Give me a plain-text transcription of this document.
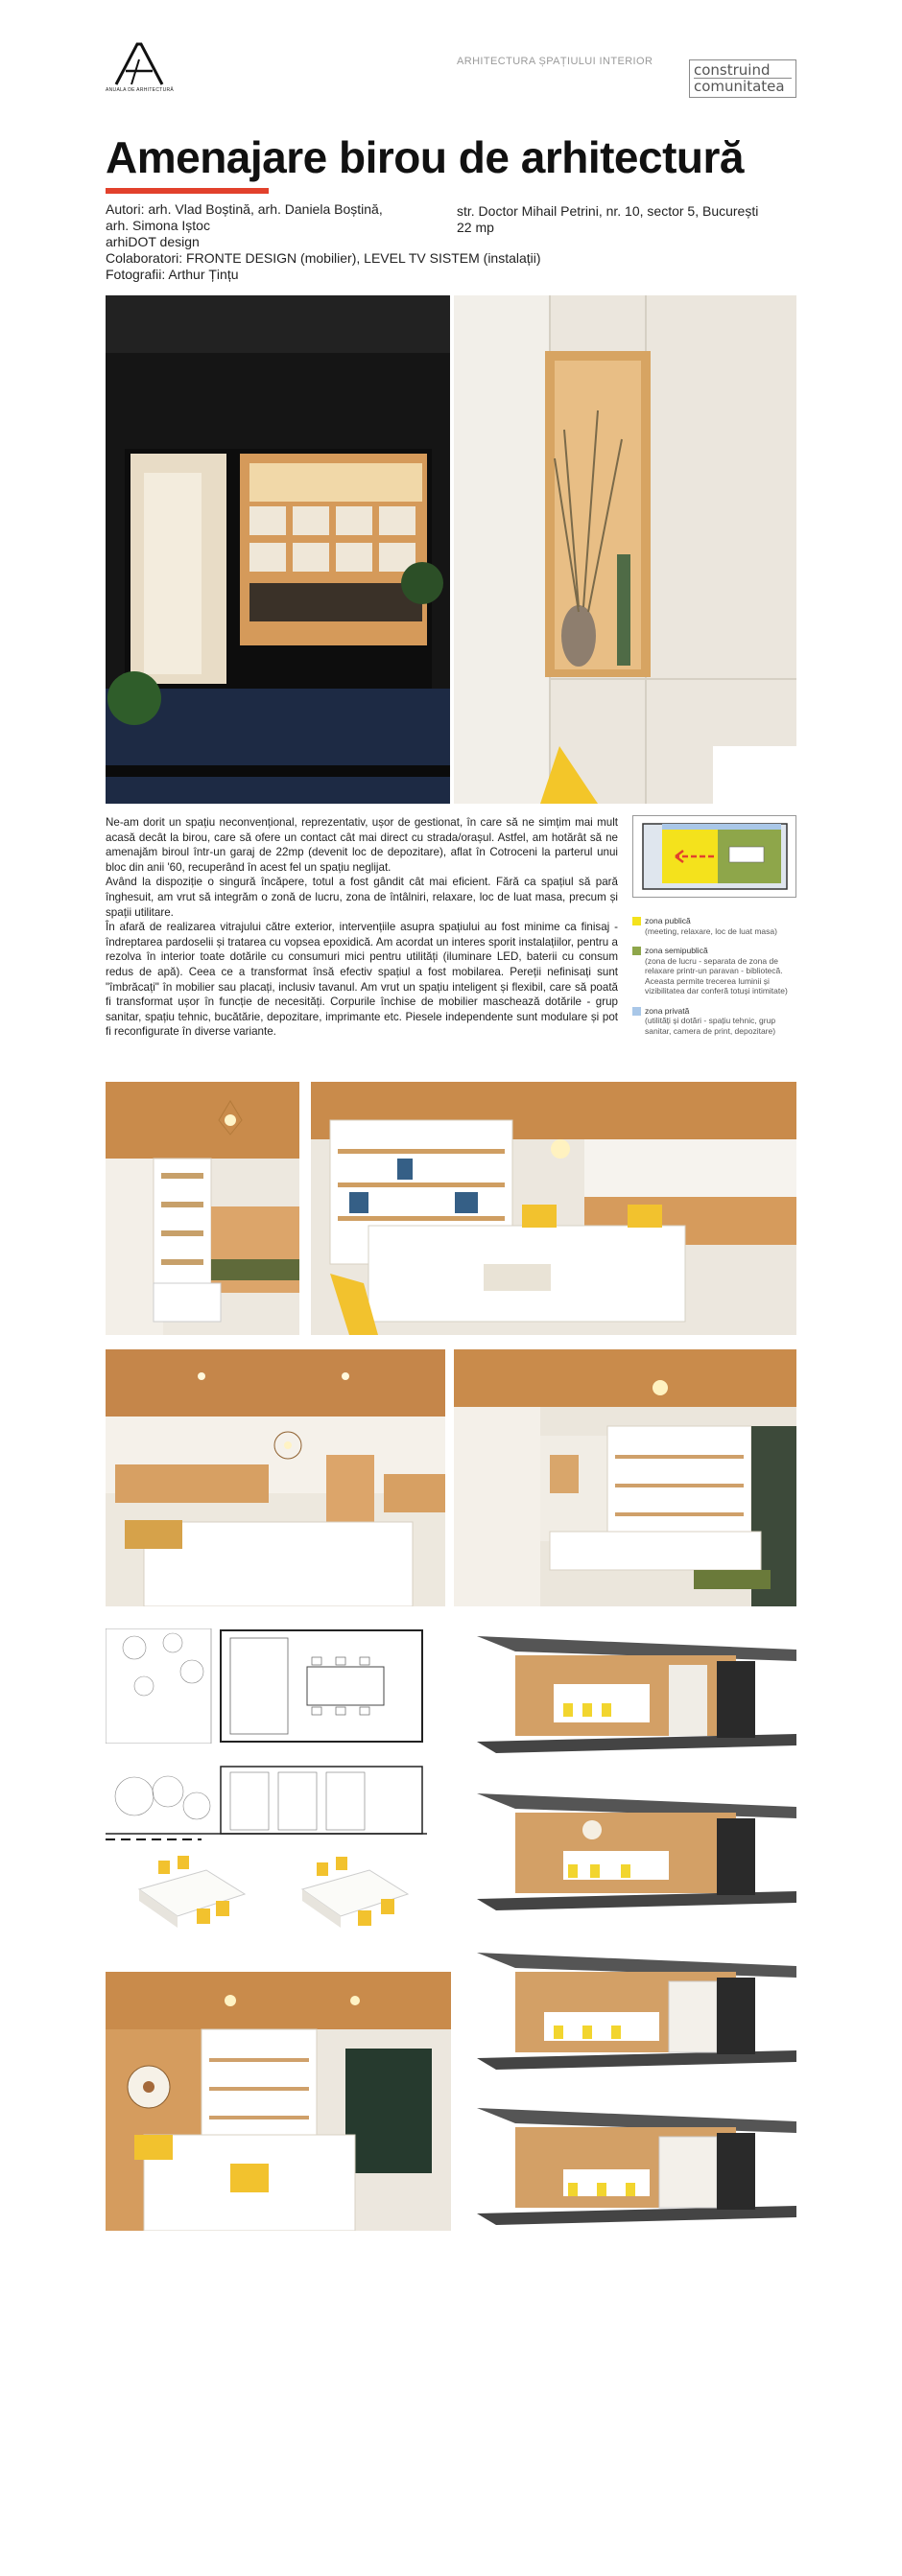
ANUALA DE ARHITECTURĂ
ARHITECTURA ȘPAȚIULUI INTERIOR	construind
comunitatea
Amenajare birou de arhitectură
Autori: arh. Vlad Boștină, arh. Daniela Boștină,
arh. Simona Iștoc
arhiDOT design
Colaboratori: FRONTE DESIGN (mobilier), LEVEL TV SISTEM (instalații)
Fotografii: Arthur Țințu
str. Doctor Mihail Petrini, nr. 10, sector 5, București
22 mp

Ne-am dorit un spațiu neconvențional, reprezentativ, ușor de gestionat, în care să ne simțim mai mult acasă decât la birou, care să ofere un contact cât mai direct cu strada/orașul. Astfel, am hotărât să ne amenajăm biroul într-un garaj de 22mp (devenit loc de depozitare), aflat în Cotroceni la parterul unui bloc din anii '60, recuperând în acest fel un spațiu neglijat.

Având la dispoziție o singură încăpere, totul a fost gândit cât mai eficient. Fără ca spațiul să pară înghesuit, am vrut să integrăm o zonă de lucru, zona de întâlniri, relaxare, loc de luat masa, precum și spații utilitare.

În afară de realizarea vitrajului către exterior, intervențiile asupra spațiului au fost minime ca finisaj - îndreptarea pardoselii și tratarea cu vopsea epoxidică. Am acordat un interes sporit instalațiilor, pentru a rezolva în interior toate dotările cu consumuri mici pentru utilități (iluminare LED, baterii cu consum redus de apă). Ceea ce a transformat însă efectiv spațiul a fost mobilarea. Pereții nefinisați sunt "îmbrăcați" în mobilier sau placați, inclusiv tavanul. Am vrut un spațiu inteligent și flexibil, care să poată fi transformat ușor în funcție de necesități. Corpurile închise de mobilier maschează dotările - grup sanitar, spațiu tehnic, bucătărie, depozitare, imprimante etc. Piesele independente sunt modulare și pot fi reconfigurate în diverse variante.

zona publică
(meeting, relaxare, loc de luat masa)
zona semipublică
(zona de lucru - separata de zona de relaxare printr-un paravan - bibliotecă. Aceasta permite trecerea luminii și vizibilitatea dar conferă totuși intimitate)
zona privată
(utilități și dotări - spațiu tehnic, grup sanitar, camera de print, depozitare)
